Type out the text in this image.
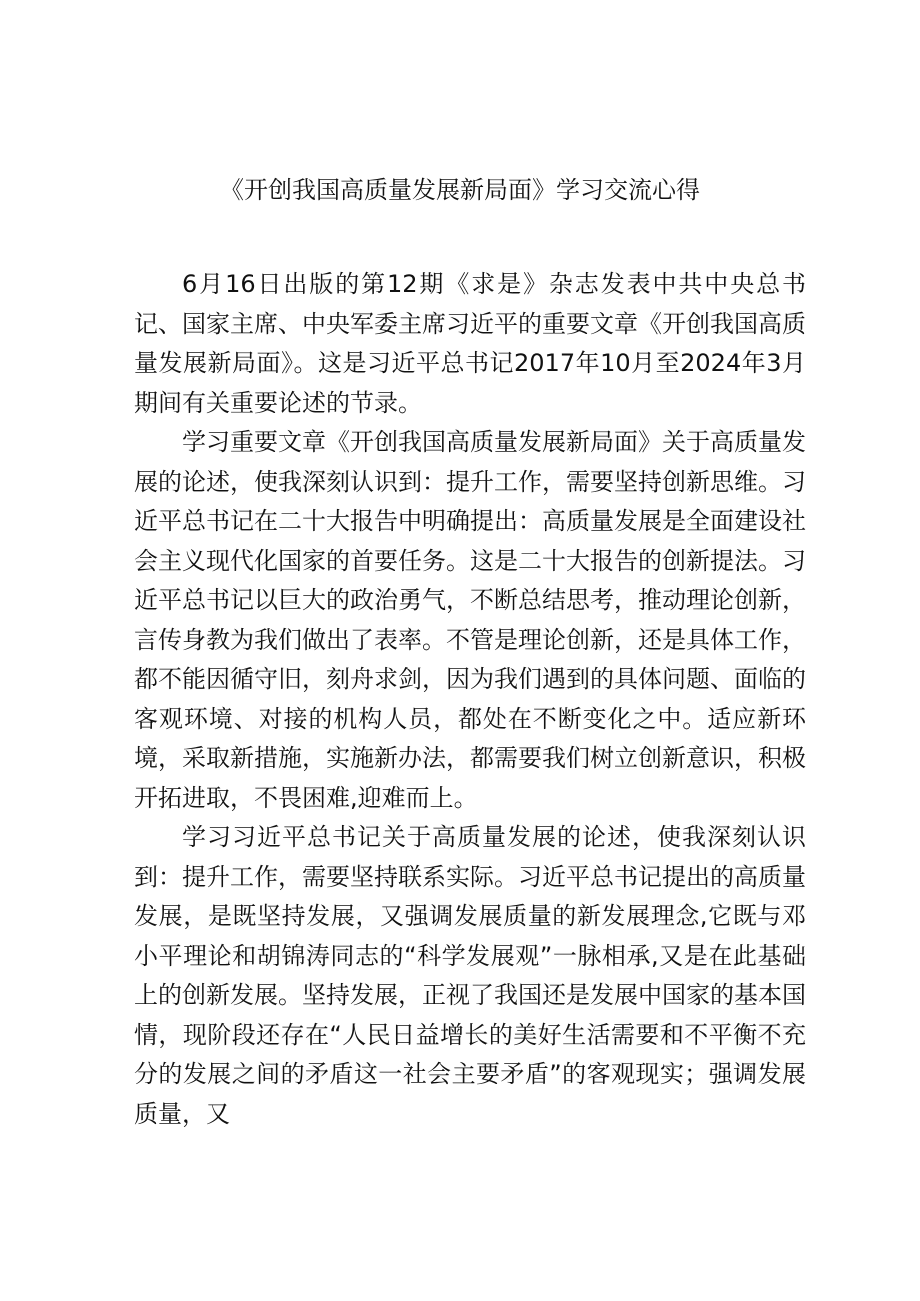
《开创我国高质量发展新局面》学习交流心得

6月16日出版的第12期《求是》杂志发表中共中央总书记、国家主席、中央军委主席习近平的重要文章《开创我国高质量发展新局面》。这是习近平总书记2017年10月至2024年3月期间有关重要论述的节录。

学习重要文章《开创我国高质量发展新局面》关于高质量发展的论述，使我深刻认识到：提升工作，需要坚持创新思维。习近平总书记在二十大报告中明确提出：高质量发展是全面建设社会主义现代化国家的首要任务。这是二十大报告的创新提法。习近平总书记以巨大的政治勇气，不断总结思考，推动理论创新，言传身教为我们做出了表率。不管是理论创新，还是具体工作，都不能因循守旧，刻舟求剑，因为我们遇到的具体问题、面临的客观环境、对接的机构人员，都处在不断变化之中。适应新环境，采取新措施，实施新办法，都需要我们树立创新意识，积极开拓进取，不畏困难,迎难而上。

学习习近平总书记关于高质量发展的论述，使我深刻认识到：提升工作，需要坚持联系实际。习近平总书记提出的高质量发展，是既坚持发展，又强调发展质量的新发展理念,它既与邓小平理论和胡锦涛同志的“科学发展观”一脉相承,又是在此基础上的创新发展。坚持发展，正视了我国还是发展中国家的基本国情，现阶段还存在“人民日益增长的美好生活需要和不平衡不充分的发展之间的矛盾这一社会主要矛盾”的客观现实；强调发展质量，又
